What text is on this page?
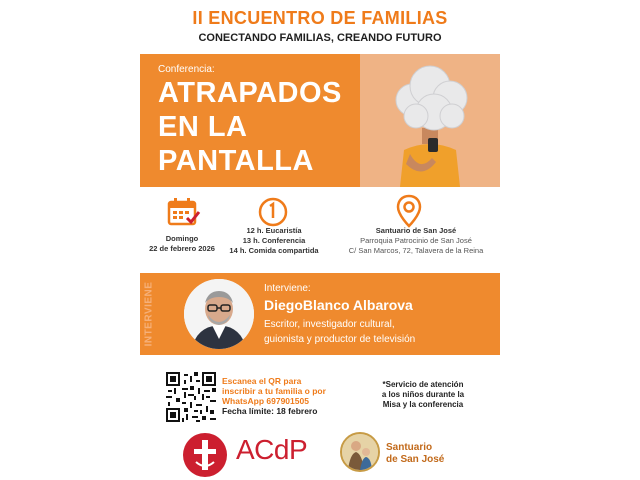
II ENCUENTRO DE FAMILIAS
CONECTANDO FAMILIAS, CREANDO FUTURO
Conferencia:
ATRAPADOS
EN LA
PANTALLA
Domingo
22 de febrero 2026
12 h. Eucaristía
13 h. Conferencia
14 h. Comida compartida
Santuario de San José
Parroquia Patrocinio de San José
C/ San Marcos, 72, Talavera de la Reina
INTERVIENE	Interviene:
DiegoBlanco Albarova
Escritor, investigador cultural,
guionista y productor de televisión
Escanea el QR para
inscribir a tu familia o por
WhatsApp 697901505
Fecha límite: 18 febrero
*Servicio de atención
a los niños durante la
Misa y la conferencia
ACdP	Santuario
de San José
